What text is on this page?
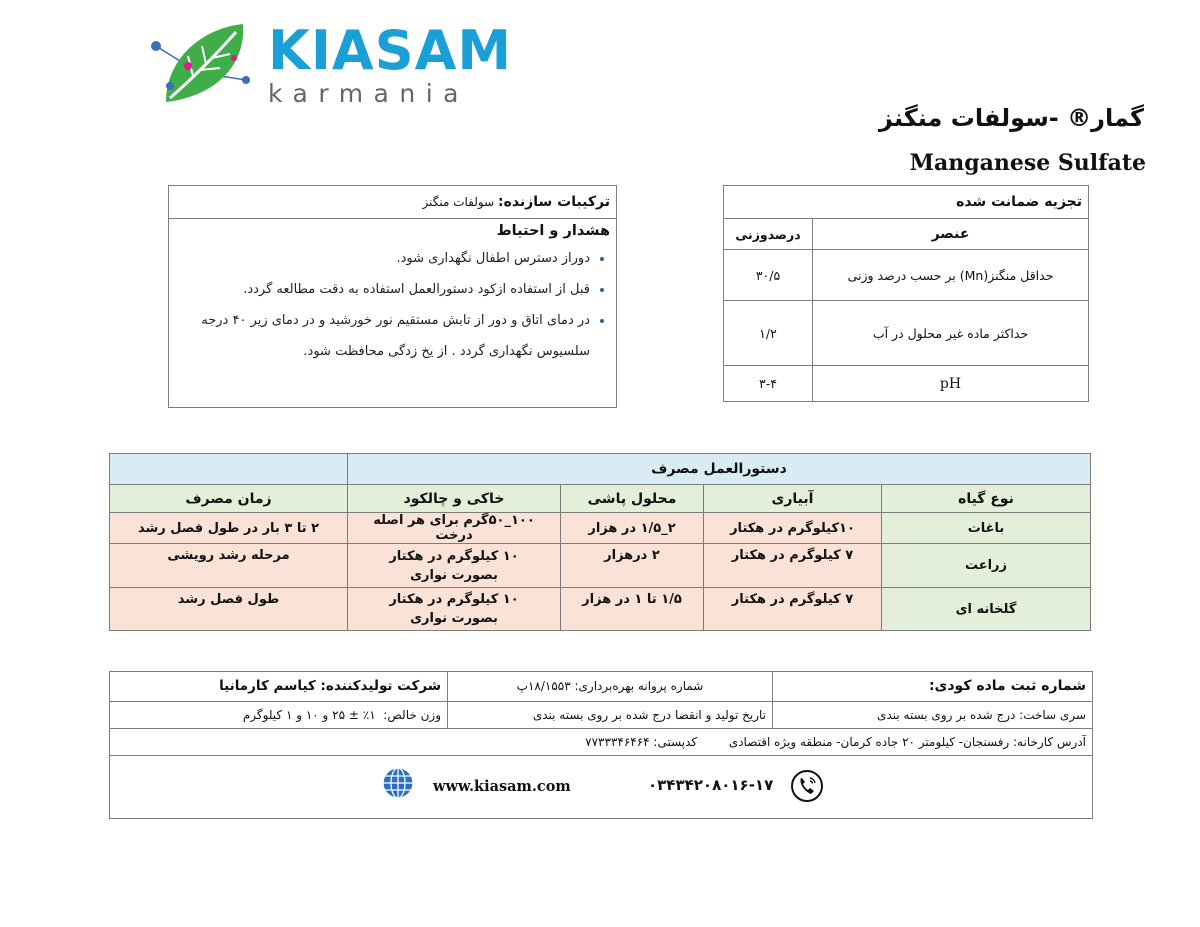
KIASAM
karmania
گمار® -سولفات منگنز
Manganese Sulfate
تجزیه ضمانت شده	
عنصر	درصدوزنی
حداقل منگنز(Mn) بر حسب درصد وزنی	۳۰/۵
حداکثر ماده غیر محلول در آب	۱/۲
pH	۳-۴
ترکیبات سازنده: سولفات منگنز
هشدار و احتیاط
• دوراز دسترس اطفال نگهداری شود.
• قبل از استفاده ازکود دستورالعمل استفاده به دقت مطالعه گردد.
• در دمای اتاق و دور از تابش مستقیم نور خورشید و در دمای زیر ۴۰ درجه سلسیوس نگهداری گردد . از یخ زدگی محافظت شود.
دستورالعمل مصرف				
نوع گیاه	آبیاری	محلول پاشی	خاکی و چالکود	زمان مصرف
باغات	۱۰کیلوگرم در هکتار	۲_۱/۵ در هزار	۱۰۰_۵۰گرم برای هر اصله درخت	۲ تا ۳ بار در طول فصل رشد
زراعت	۷ کیلوگرم در هکتار	۲ درهزار	۱۰ کیلوگرم در هکتار بصورت نواری	مرحله رشد رویشی
گلخانه ای	۷ کیلوگرم در هکتار	۱/۵ تا ۱ در هزار	۱۰ کیلوگرم در هکتار بصورت نواری	طول فصل رشد
شماره ثبت ماده کودی:	شماره پروانه بهره‌برداری: ۱۸/۱۵۵۳پ	شرکت تولیدکننده: کیاسم کارمانیا
سری ساخت: درج شده بر روی بسته بندی	تاریخ تولید و انقضا درج شده بر روی بسته بندی	وزن خالص:  ۱٪ ± ۲۵ و ۱۰ و ۱ کیلوگرم
آدرس کارخانه: رفسنجان- کیلومتر ۲۰ جاده کرمان- منطقه ویژه اقتصادی  کدپستی: ۷۷۳۳۳۴۶۴۶۴		
۰۳۴۳۴۲۰۸۰۱۶-۱۷
www.kiasam.com
